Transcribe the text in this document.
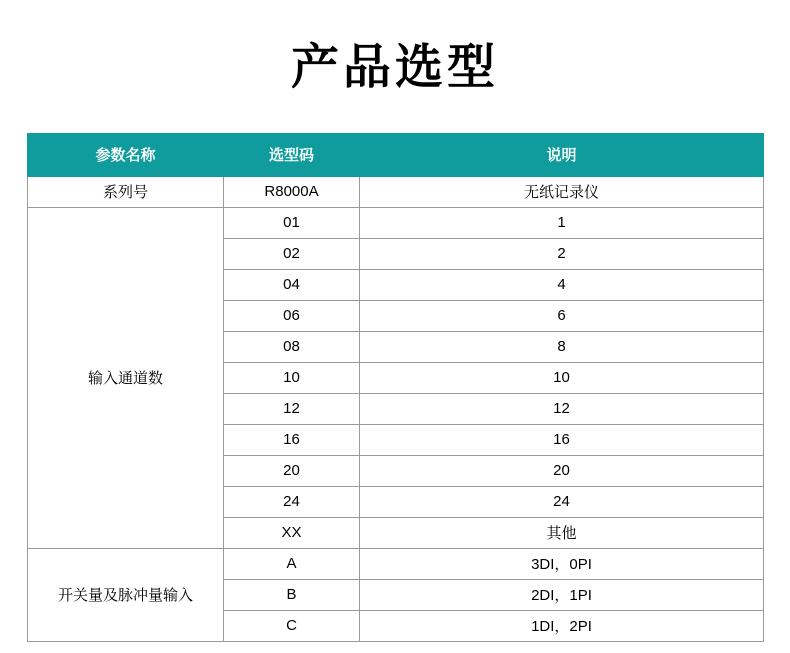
产品选型
参数名称	选型码	说明
系列号	R8000A	无纸记录仪
输入通道数	01	1
	02	2
	04	4
	06	6
	08	8
	10	10
	12	12
	16	16
	20	20
	24	24
	XX	其他
开关量及脉冲量输入	A	3DI，0PI
	B	2DI，1PI
	C	1DI，2PI
